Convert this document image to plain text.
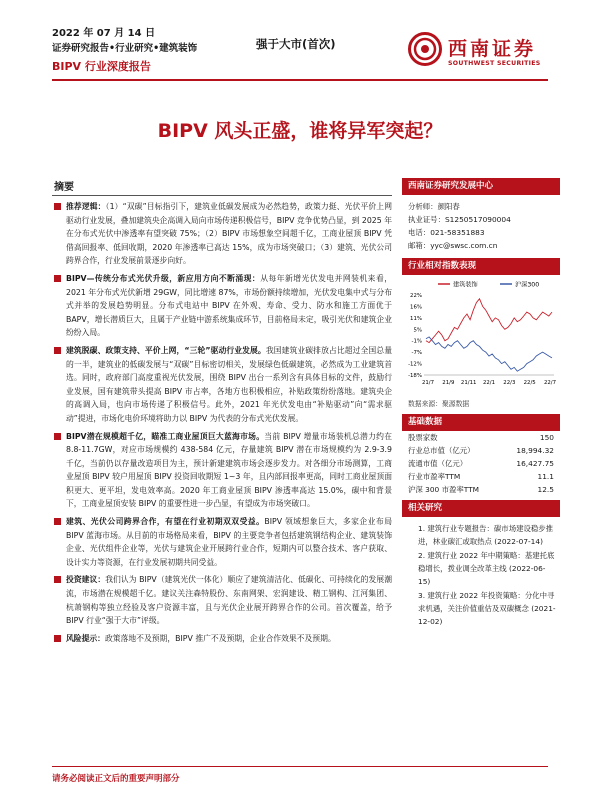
2022 年 07 月 14 日
证券研究报告•行业研究•建筑装饰
BIPV 行业深度报告
强于大市(首次)	西南证券
SOUTHWEST SECURITIES
BIPV 风头正盛，谁将异军突起？
摘要
推荐逻辑：（1）“双碳”目标指引下，建筑业低碳发展成为必然趋势，政策力挺、光伏平价上网驱动行业发展，叠加建筑央企高调入局向市场传递积极信号，BIPV 竞争优势凸显，到 2025 年在分布式光伏中渗透率有望突破 75%；（2）BIPV 市场想象空间超千亿，工商业屋顶 BIPV 凭借高回报率、低回收期，2020 年渗透率已高达 15%，成为市场突破口；（3）建筑、光伏公司跨界合作，行业发展前景逐步向好。
BIPV—传统分布式光伏升级，新应用方向不断涌现：从每年新增光伏发电并网装机来看，2021 年分布式光伏新增 29GW，同比增速 87%，市场份额持续增加，光伏发电集中式与分布式并举的发展趋势明显。分布式电站中 BIPV 在外观、寿命、受力、防水和施工方面优于 BAPV，增长潜质巨大，且属于产业链中游系统集成环节，目前格局未定，吸引光伏和建筑企业纷纷入局。
建筑脱碳、政策支持、平价上网，“三轮”驱动行业发展。我国建筑业碳排放占比超过全国总量的一半，建筑业的低碳发展与“双碳”目标密切相关，发展绿色低碳建筑，必然成为工业建筑首选。同时，政府部门高度重视光伏发展，围绕 BIPV 出台一系列含有具体目标的文件，鼓励行业发展，国有建筑带头提高 BIPV 市占率，各地方也积极相应，补贴政策纷纷落地。建筑央企的高调入局，也向市场传递了积极信号。此外，2021 年光伏发电由“补贴驱动”向“需求驱动”提进，市场化电价环境将助力以 BIPV 为代表的分布式光伏发展。
BIPV潜在规模超千亿，瞄准工商业屋顶巨大蓝海市场。当前 BIPV 增量市场装机总潜力约在 8.8-11.7GW，对应市场规模约 438-584 亿元，存量建筑 BIPV 潜在市场规模约为 2.9-3.9 千亿，当前仍以存量改造项目为主，预计新建建筑市场会逐步发力。对各细分市场测算，工商业屋顶 BIPV 较户用屋顶 BIPV 投资回收期短 1~3 年，且内部回报率更高，同时工商业屋顶面积更大、更平坦，发电效率高。2020 年工商业屋顶 BIPV 渗透率高达 15.0%，碳中和背景下，工商业屋顶安装 BIPV 的重要性进一步凸显，有望成为市场突破口。
建筑、光伏公司跨界合作，有望在行业初期双双受益。BIPV 领域想象巨大，多家企业布局 BIPV 蓝海市场。从目前的市场格局来看，BIPV 的主要竞争者包括建筑钢结构企业、建筑装饰企业、光伏组件企业等，光伏与建筑企业开展跨行业合作，短期内可以整合技术、客户获取、设计实力等资源，在行业发展初期共同受益。
投资建议：我们认为 BIPV（建筑光伏一体化）顺应了建筑清洁化、低碳化、可持续化的发展潮流，市场潜在规模超千亿。建议关注森特股份、东南网架、宏润建设、精工钢构、江河集团、杭萧钢构等独立经验及客户资源丰富，且与光伏企业展开跨界合作的公司。首次覆盖，给予 BIPV 行业“强于大市”评级。
风险提示：政策落地不及预期，BIPV 推广不及预期，企业合作效果不及预期。
西南证券研究发展中心
分析师：颜阳春
执业证号：S1250517090004
电话：021-58351883
邮箱：yyc@swsc.com.cn
行业相对指数表现
建筑装饰	沪深300
22%
16%
11%
5%
-1%
-7%
-12%
-18%
21/7 21/9 21/11 22/1 22/3 22/5 22/7
数据来源：聚源数据
基础数据
股票家数	150
行业总市值（亿元）	18,994.32
流通市值（亿元）	16,427.75
行业市盈率TTM	11.1
沪深 300 市盈率TTM	12.5
相关研究
1. 建筑行业专题报告：碳市场建设稳步推进，林业碳汇或取热点 (2022-07-14)
2. 建筑行业 2022 年中期策略：基建托底稳增长，拨业调全改革主线 (2022-06-15)
3. 建筑行业 2022 年投资策略：分化中寻求机遇，关注价值重估及双碳概念 (2021-12-02)
请务必阅读正文后的重要声明部分
